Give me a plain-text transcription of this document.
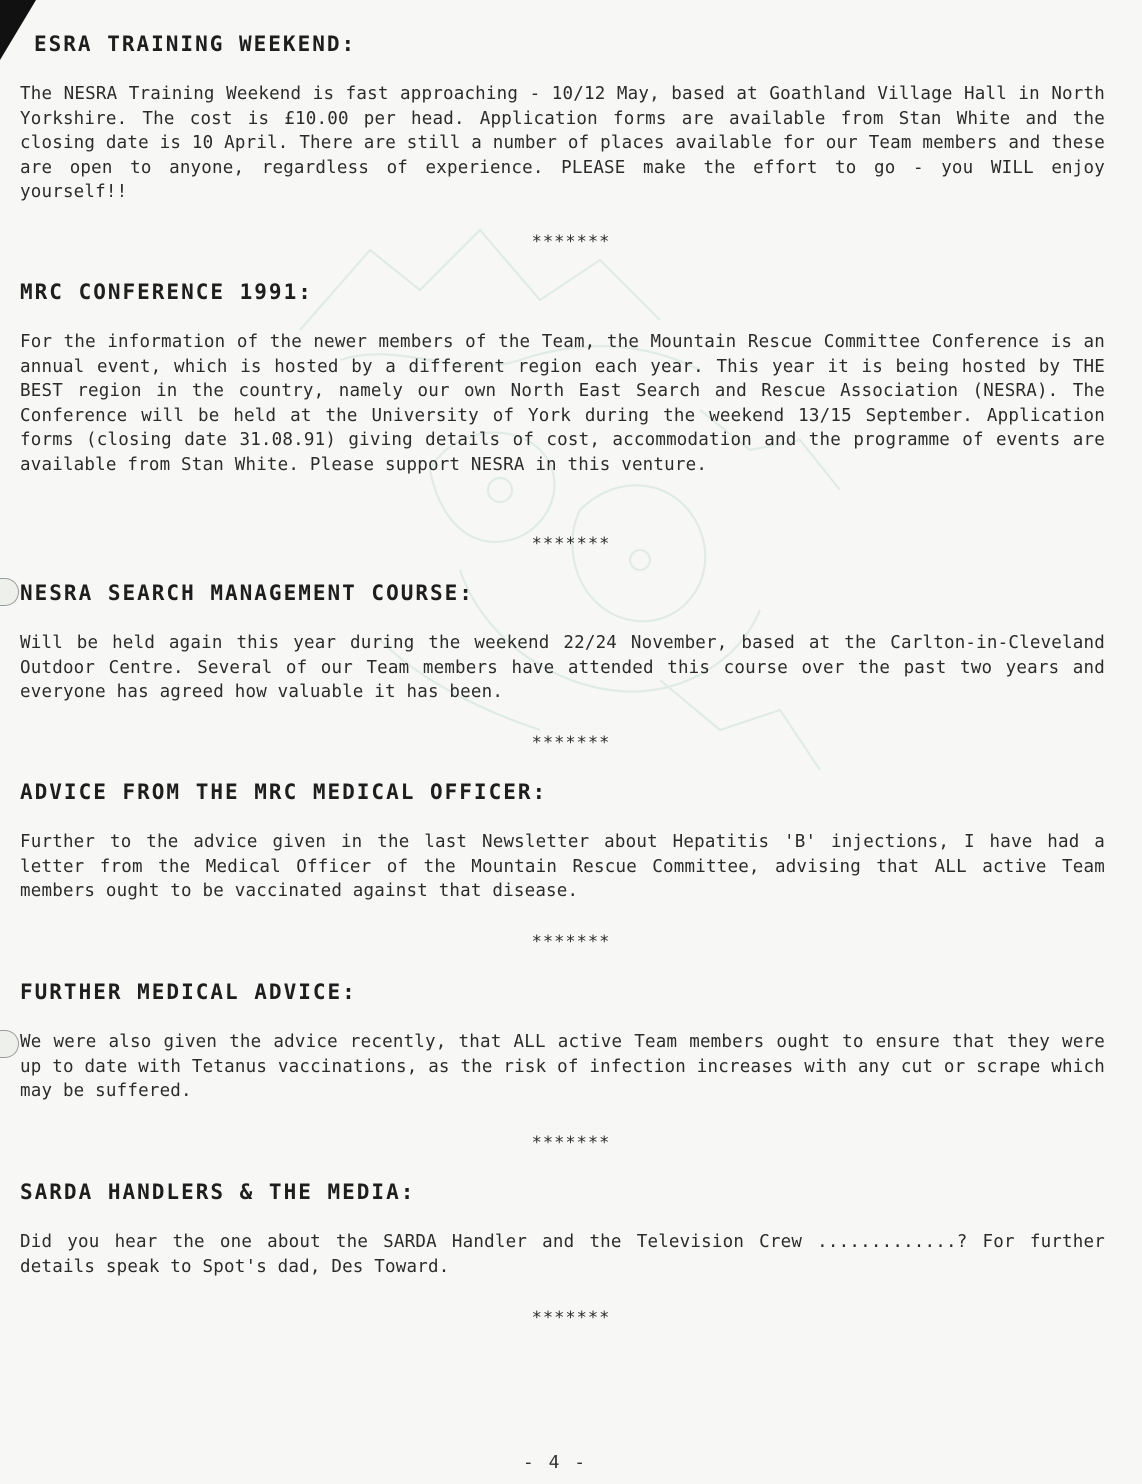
ESRA TRAINING WEEKEND:
The NESRA Training Weekend is fast approaching - 10/12 May, based at Goathland Village Hall in North Yorkshire. The cost is £10.00 per head. Application forms are available from Stan White and the closing date is 10 April. There are still a number of places available for our Team members and these are open to anyone, regardless of experience. PLEASE make the effort to go - you WILL enjoy yourself!!
*******
MRC CONFERENCE 1991:
For the information of the newer members of the Team, the Mountain Rescue Committee Conference is an annual event, which is hosted by a different region each year. This year it is being hosted by THE BEST region in the country, namely our own North East Search and Rescue Association (NESRA). The Conference will be held at the University of York during the weekend 13/15 September. Application forms (closing date 31.08.91) giving details of cost, accommodation and the programme of events are available from Stan White. Please support NESRA in this venture.
*******
NESRA SEARCH MANAGEMENT COURSE:
Will be held again this year during the weekend 22/24 November, based at the Carlton-in-Cleveland Outdoor Centre. Several of our Team members have attended this course over the past two years and everyone has agreed how valuable it has been.
*******
ADVICE FROM THE MRC MEDICAL OFFICER:
Further to the advice given in the last Newsletter about Hepatitis 'B' injections, I have had a letter from the Medical Officer of the Mountain Rescue Committee, advising that ALL active Team members ought to be vaccinated against that disease.
*******
FURTHER MEDICAL ADVICE:
We were also given the advice recently, that ALL active Team members ought to ensure that they were up to date with Tetanus vaccinations, as the risk of infection increases with any cut or scrape which may be suffered.
*******
SARDA HANDLERS & THE MEDIA:
Did you hear the one about the SARDA Handler and the Television Crew .............? For further details speak to Spot's dad, Des Toward.
*******
- 4 -
